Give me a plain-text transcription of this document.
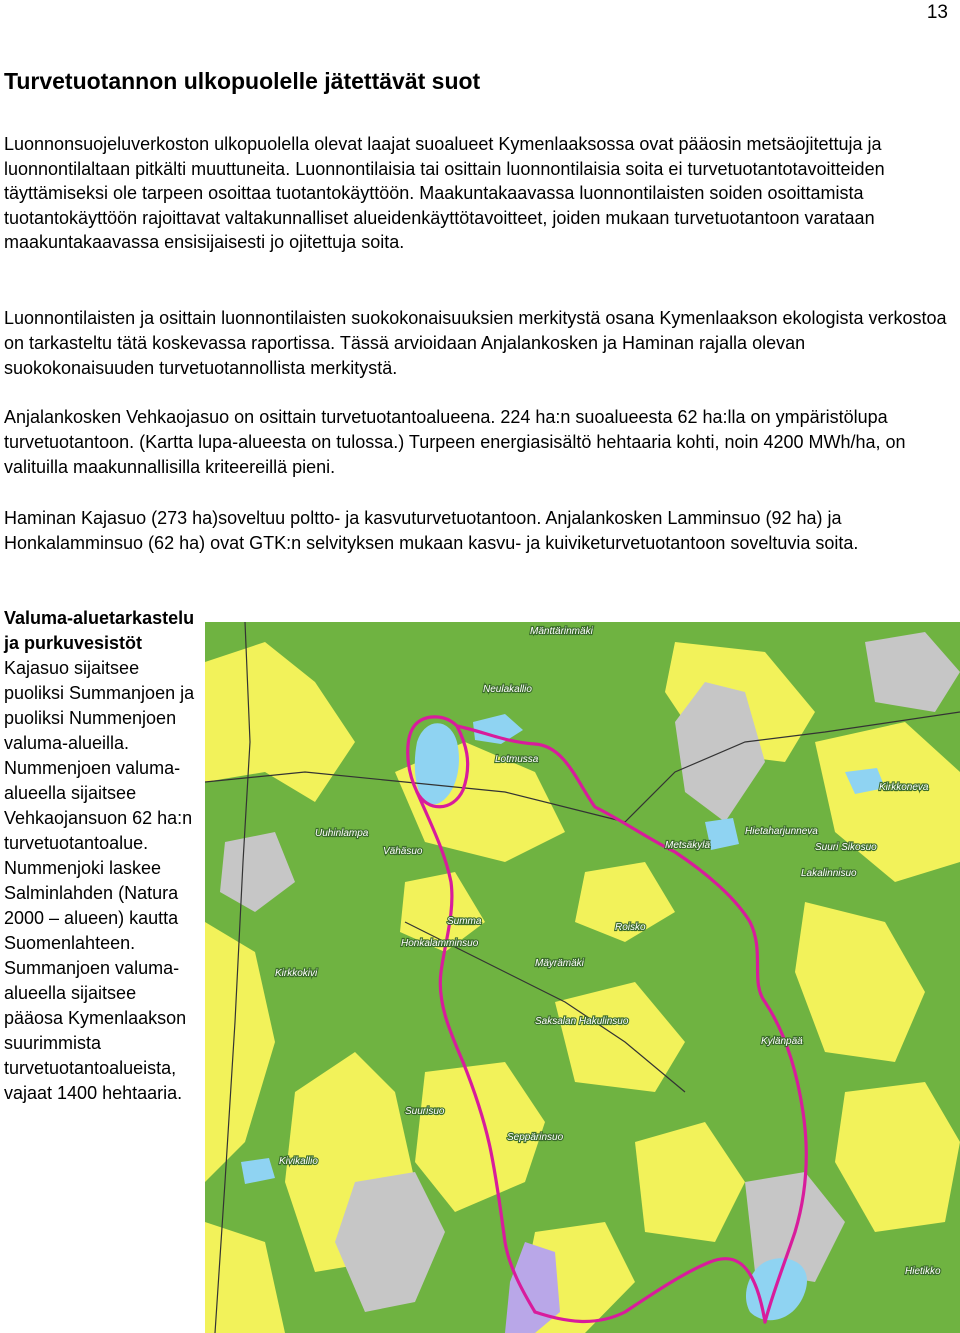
13
Turvetuotannon ulkopuolelle jätettävät suot

Luonnonsuojeluverkoston ulkopuolella olevat laajat suoalueet Kymenlaaksossa ovat pääosin metsäojitettuja ja luonnontilaltaan pitkälti muuttuneita. Luonnontilaisia tai osittain luonnontilaisia soita ei turvetuotantotavoitteiden täyttämiseksi ole tarpeen osoittaa tuotantokäyttöön. Maakuntakaavassa luonnontilaisten soiden osoittamista tuotantokäyttöön rajoittavat valtakunnalliset alueidenkäyttötavoitteet, joiden mukaan turvetuotantoon varataan maakuntakaavassa ensisijaisesti jo ojitettuja soita.

Luonnontilaisten ja osittain luonnontilaisten suokokonaisuuksien merkitystä osana Kymenlaakson ekologista verkostoa on tarkasteltu tätä koskevassa raportissa. Tässä arvioidaan Anjalankosken ja Haminan rajalla olevan suokokonaisuuden turvetuotannollista merkitystä.

Anjalankosken Vehkaojasuo on osittain turvetuotantoalueena. 224 ha:n suoalueesta 62 ha:lla on ympäristölupa turvetuotantoon. (Kartta lupa-alueesta on tulossa.) Turpeen energiasisältö hehtaaria kohti, noin 4200 MWh/ha, on valituilla maakunnallisilla kriteereillä pieni.

Haminan Kajasuo (273 ha)soveltuu poltto- ja kasvuturvetuotantoon. Anjalankosken Lamminsuo (92 ha) ja Honkalamminsuo (62 ha) ovat GTK:n selvityksen mukaan kasvu- ja kuiviketurvetuotantoon soveltuvia soita.

Valuma-aluetarkastelu ja purkuvesistöt Kajasuo sijaitsee puoliksi Summanjoen ja puoliksi Nummenjoen valuma-alueilla. Nummenjoen valuma-alueella sijaitsee Vehkaojansuon 62 ha:n turvetuotantoalue. Nummenjoki laskee Salminlahden (Natura 2000 – alueen) kautta Suomenlahteen. Summanjoen valuma-alueella sijaitsee pääosa Kymenlaakson suurimmista turvetuotantoalueista, vajaat 1400 hehtaaria.
Mänttärinmäki
Neulakallio
Lotmussa
Kirkkoneva
Hietaharjunneva
Metsäkylä	Suuri Sikosuo
Lakalinnisuo
Uuhinlampa
Vähäsuo
Summa
Honkalamminsuo
Roisko
Mäyrämäki
Kirkkokivi
Saksalan Hakulinsuo
Kylänpää
Suurisuo
Seppärinsuo
Kivikallio
Hietikko
